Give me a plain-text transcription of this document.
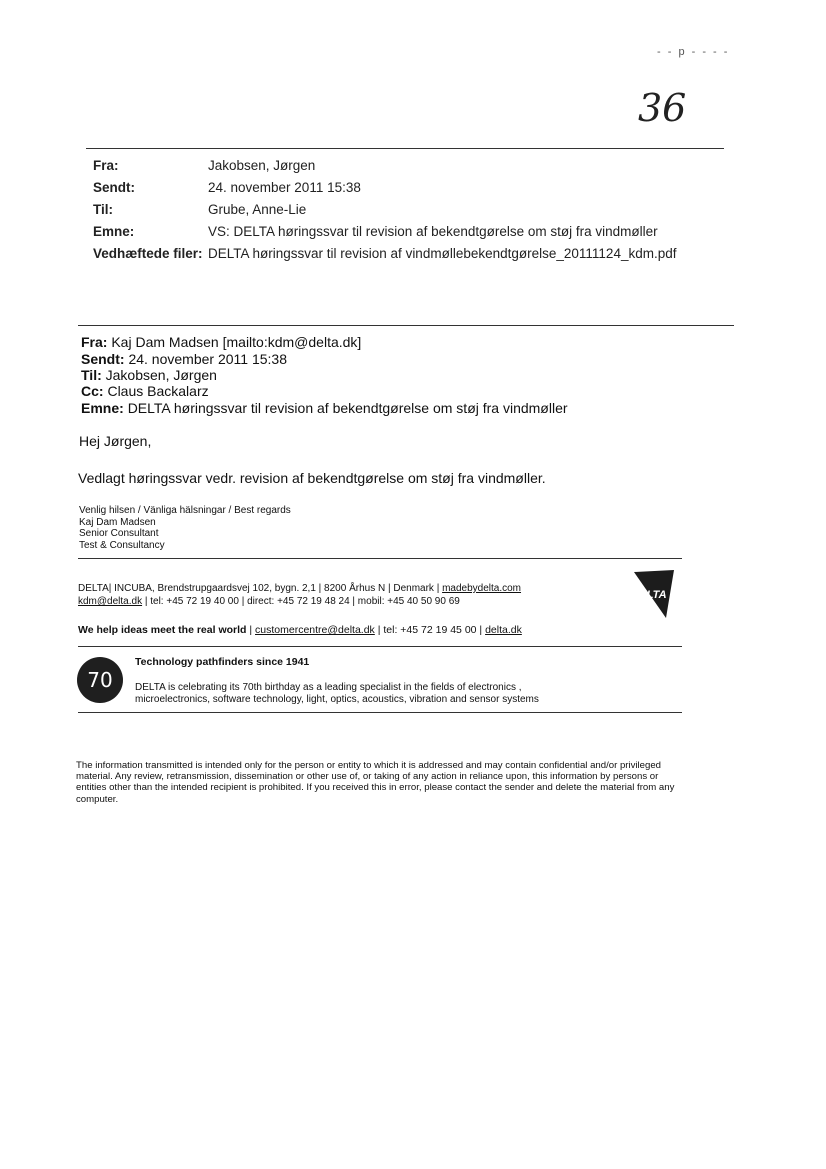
- - p - - - -
36
Fra:	Jakobsen, Jørgen
Sendt:	24. november 2011 15:38
Til:	Grube, Anne-Lie
Emne:	VS: DELTA høringssvar til revision af bekendtgørelse om støj fra vindmøller
Vedhæftede filer: DELTA høringssvar til revision af vindmøllebekendtgørelse_20111124_kdm.pdf
Fra: Kaj Dam Madsen [mailto:kdm@delta.dk]
Sendt: 24. november 2011 15:38
Til: Jakobsen, Jørgen
Cc: Claus Backalarz
Emne: DELTA høringssvar til revision af bekendtgørelse om støj fra vindmøller
Hej Jørgen,
Vedlagt høringssvar vedr. revision af bekendtgørelse om støj fra vindmøller.
Venlig hilsen / Vänliga hälsningar / Best regards
Kaj Dam Madsen
Senior Consultant
Test & Consultancy
DELTA| INCUBA, Brendstrupgaardsvej 102, bygn. 2,1 | 8200 Århus N | Denmark | madebydelta.com
kdm@delta.dk | tel: +45 72 19 40 00 | direct: +45 72 19 48 24 | mobil: +45 40 50 90 69
DELTA
We help ideas meet the real world | customercentre@delta.dk | tel: +45 72 19 45 00 | delta.dk
70
Technology pathfinders since 1941
DELTA is celebrating its 70th birthday as a leading specialist in the fields of electronics ,
microelectronics, software technology, light, optics, acoustics, vibration and sensor systems
The information transmitted is intended only for the person or entity to which it is addressed and may contain confidential and/or privileged material. Any review, retransmission, dissemination or other use of, or taking of any action in reliance upon, this information by persons or entities other than the intended recipient is prohibited. If you received this in error, please contact the sender and delete the material from any computer.
